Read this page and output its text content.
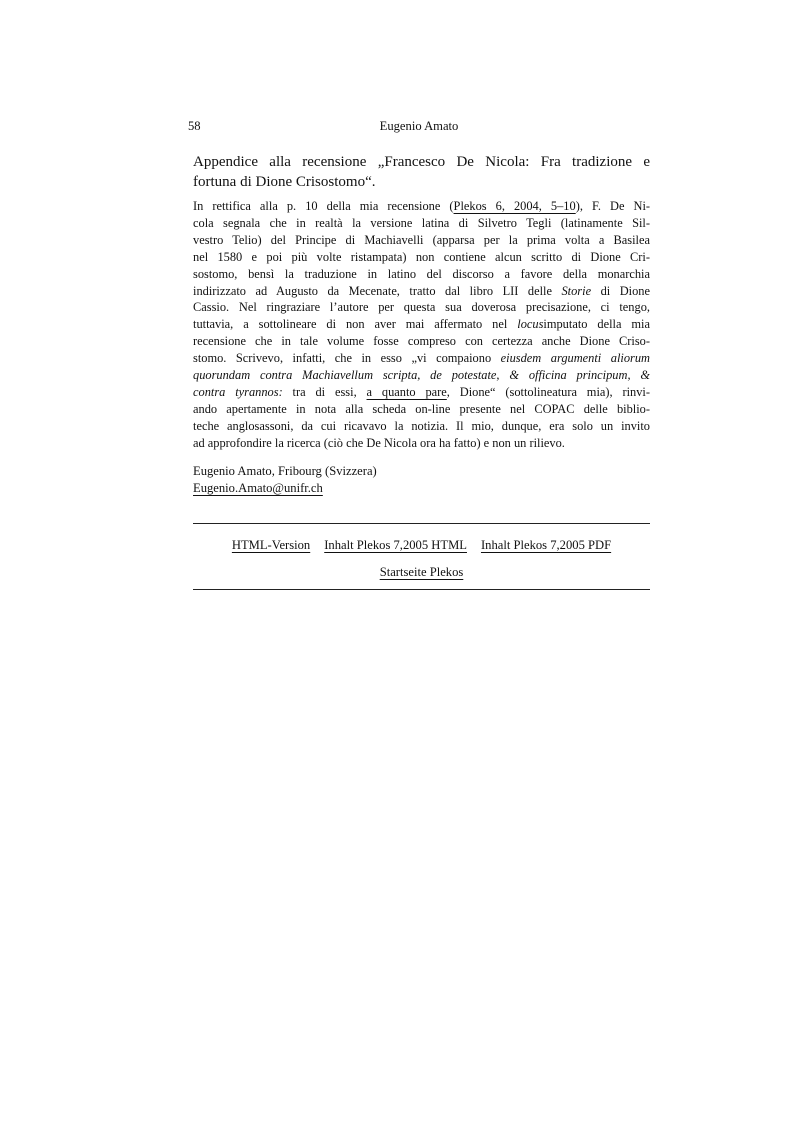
58	Eugenio Amato
Appendice alla recensione „Francesco De Nicola: Fra tradizione e
fortuna di Dione Crisostomo“.
In rettifica alla p. 10 della mia recensione (Plekos 6, 2004, 5–10), F. De Ni-
cola segnala che in realtà la versione latina di Silvetro Tegli (latinamente Sil-
vestro Telio) del Principe di Machiavelli (apparsa per la prima volta a Basilea
nel 1580 e poi più volte ristampata) non contiene alcun scritto di Dione Cri-
sostomo, bensì la traduzione in latino del discorso a favore della monarchia
indirizzato ad Augusto da Mecenate, tratto dal libro LII delle Storie di Dione
Cassio. Nel ringraziare l’autore per questa sua doverosa precisazione, ci tengo,
tuttavia, a sottolineare di non aver mai affermato nel locusimputato della mia
recensione che in tale volume fosse compreso con certezza anche Dione Criso-
stomo. Scrivevo, infatti, che in esso „vi compaiono eiusdem argumenti aliorum
quorundam contra Machiavellum scripta, de potestate, & officina principum, &
contra tyrannos: tra di essi, a quanto pare, Dione“ (sottolineatura mia), rinvi-
ando apertamente in nota alla scheda on-line presente nel COPAC delle biblio-
teche anglosassoni, da cui ricavavo la notizia. Il mio, dunque, era solo un invito
ad approfondire la ricerca (ciò che De Nicola ora ha fatto) e non un rilievo.
Eugenio Amato, Fribourg (Svizzera)
Eugenio.Amato@unifr.ch
HTML-Version Inhalt Plekos 7,2005 HTML Inhalt Plekos 7,2005 PDF
Startseite Plekos
